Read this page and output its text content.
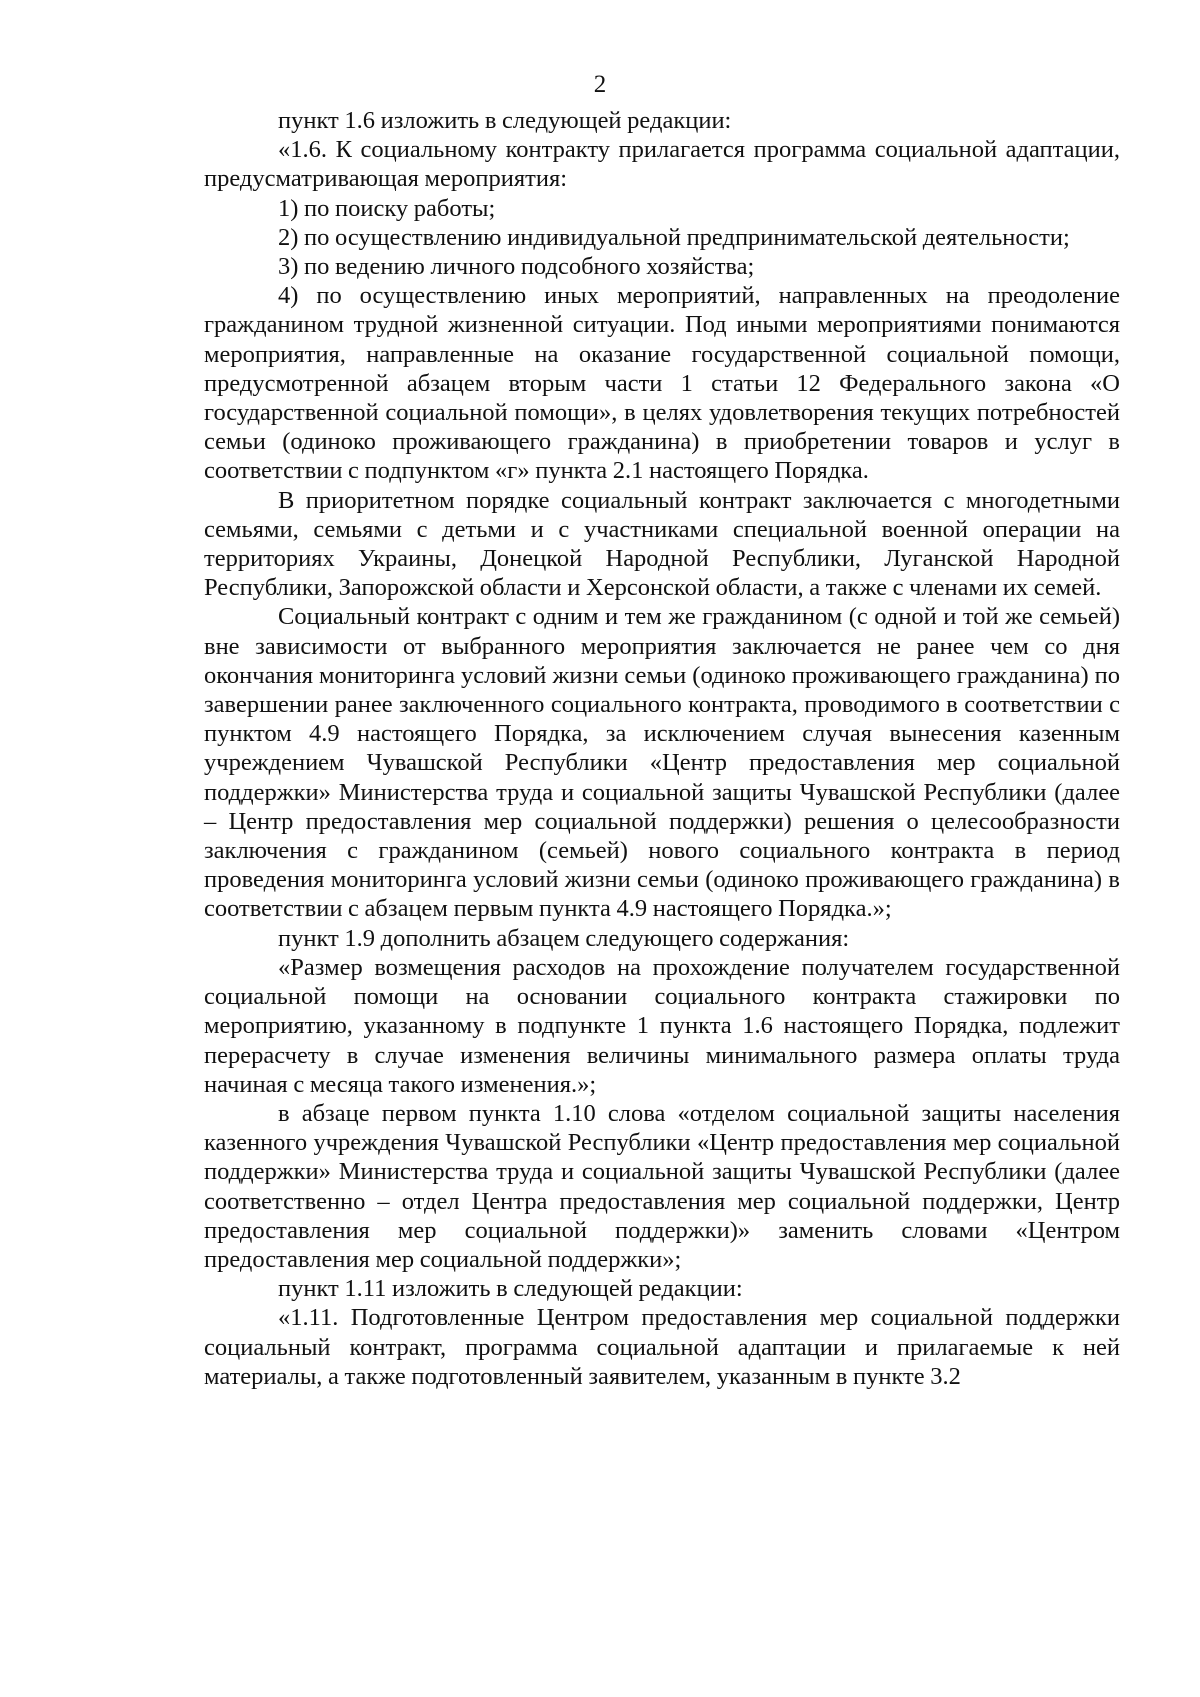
2

пункт 1.6 изложить в следующей редакции:

«1.6. К социальному контракту прилагается программа социальной адаптации, предусматривающая мероприятия:

1) по поиску работы;

2) по осуществлению индивидуальной предпринимательской деятельности;

3) по ведению личного подсобного хозяйства;

4) по осуществлению иных мероприятий, направленных на преодоление гражданином трудной жизненной ситуации. Под иными мероприятиями понимаются мероприятия, направленные на оказание государственной социальной помощи, предусмотренной абзацем вторым части 1 статьи 12 Федерального закона «О государственной социальной помощи», в целях удовлетворения текущих потребностей семьи (одиноко проживающего гражданина) в приобретении товаров и услуг в соответствии с подпунктом «г» пункта 2.1 настоящего Порядка.

В приоритетном порядке социальный контракт заключается с многодетными семьями, семьями с детьми и с участниками специальной военной операции на территориях Украины, Донецкой Народной Республики, Луганской Народной Республики, Запорожской области и Херсонской области, а также с членами их семей.

Социальный контракт с одним и тем же гражданином (с одной и той же семьей) вне зависимости от выбранного мероприятия заключается не ранее чем со дня окончания мониторинга условий жизни семьи (одиноко проживающего гражданина) по завершении ранее заключенного социального контракта, проводимого в соответствии с пунктом 4.9 настоящего Порядка, за исключением случая вынесения казенным учреждением Чувашской Республики «Центр предоставления мер социальной поддержки» Министерства труда и социальной защиты Чувашской Республики (далее – Центр предоставления мер социальной поддержки) решения о целесообразности заключения с гражданином (семьей) нового социального контракта в период проведения мониторинга условий жизни семьи (одиноко проживающего гражданина) в соответствии с абзацем первым пункта 4.9 настоящего Порядка.»;

пункт 1.9 дополнить абзацем следующего содержания:

«Размер возмещения расходов на прохождение получателем государственной социальной помощи на основании социального контракта стажировки по мероприятию, указанному в подпункте 1 пункта 1.6 настоящего Порядка, подлежит перерасчету в случае изменения величины минимального размера оплаты труда начиная с месяца такого изменения.»;

в абзаце первом пункта 1.10 слова «отделом социальной защиты населения казенного учреждения Чувашской Республики «Центр предоставления мер социальной поддержки» Министерства труда и социальной защиты Чувашской Республики (далее соответственно – отдел Центра предоставления мер социальной поддержки, Центр предоставления мер социальной поддержки)» заменить словами «Центром предоставления мер социальной поддержки»;

пункт 1.11 изложить в следующей редакции:

«1.11. Подготовленные Центром предоставления мер социальной поддержки социальный контракт, программа социальной адаптации и прилагаемые к ней материалы, а также подготовленный заявителем, указанным в пункте 3.2
